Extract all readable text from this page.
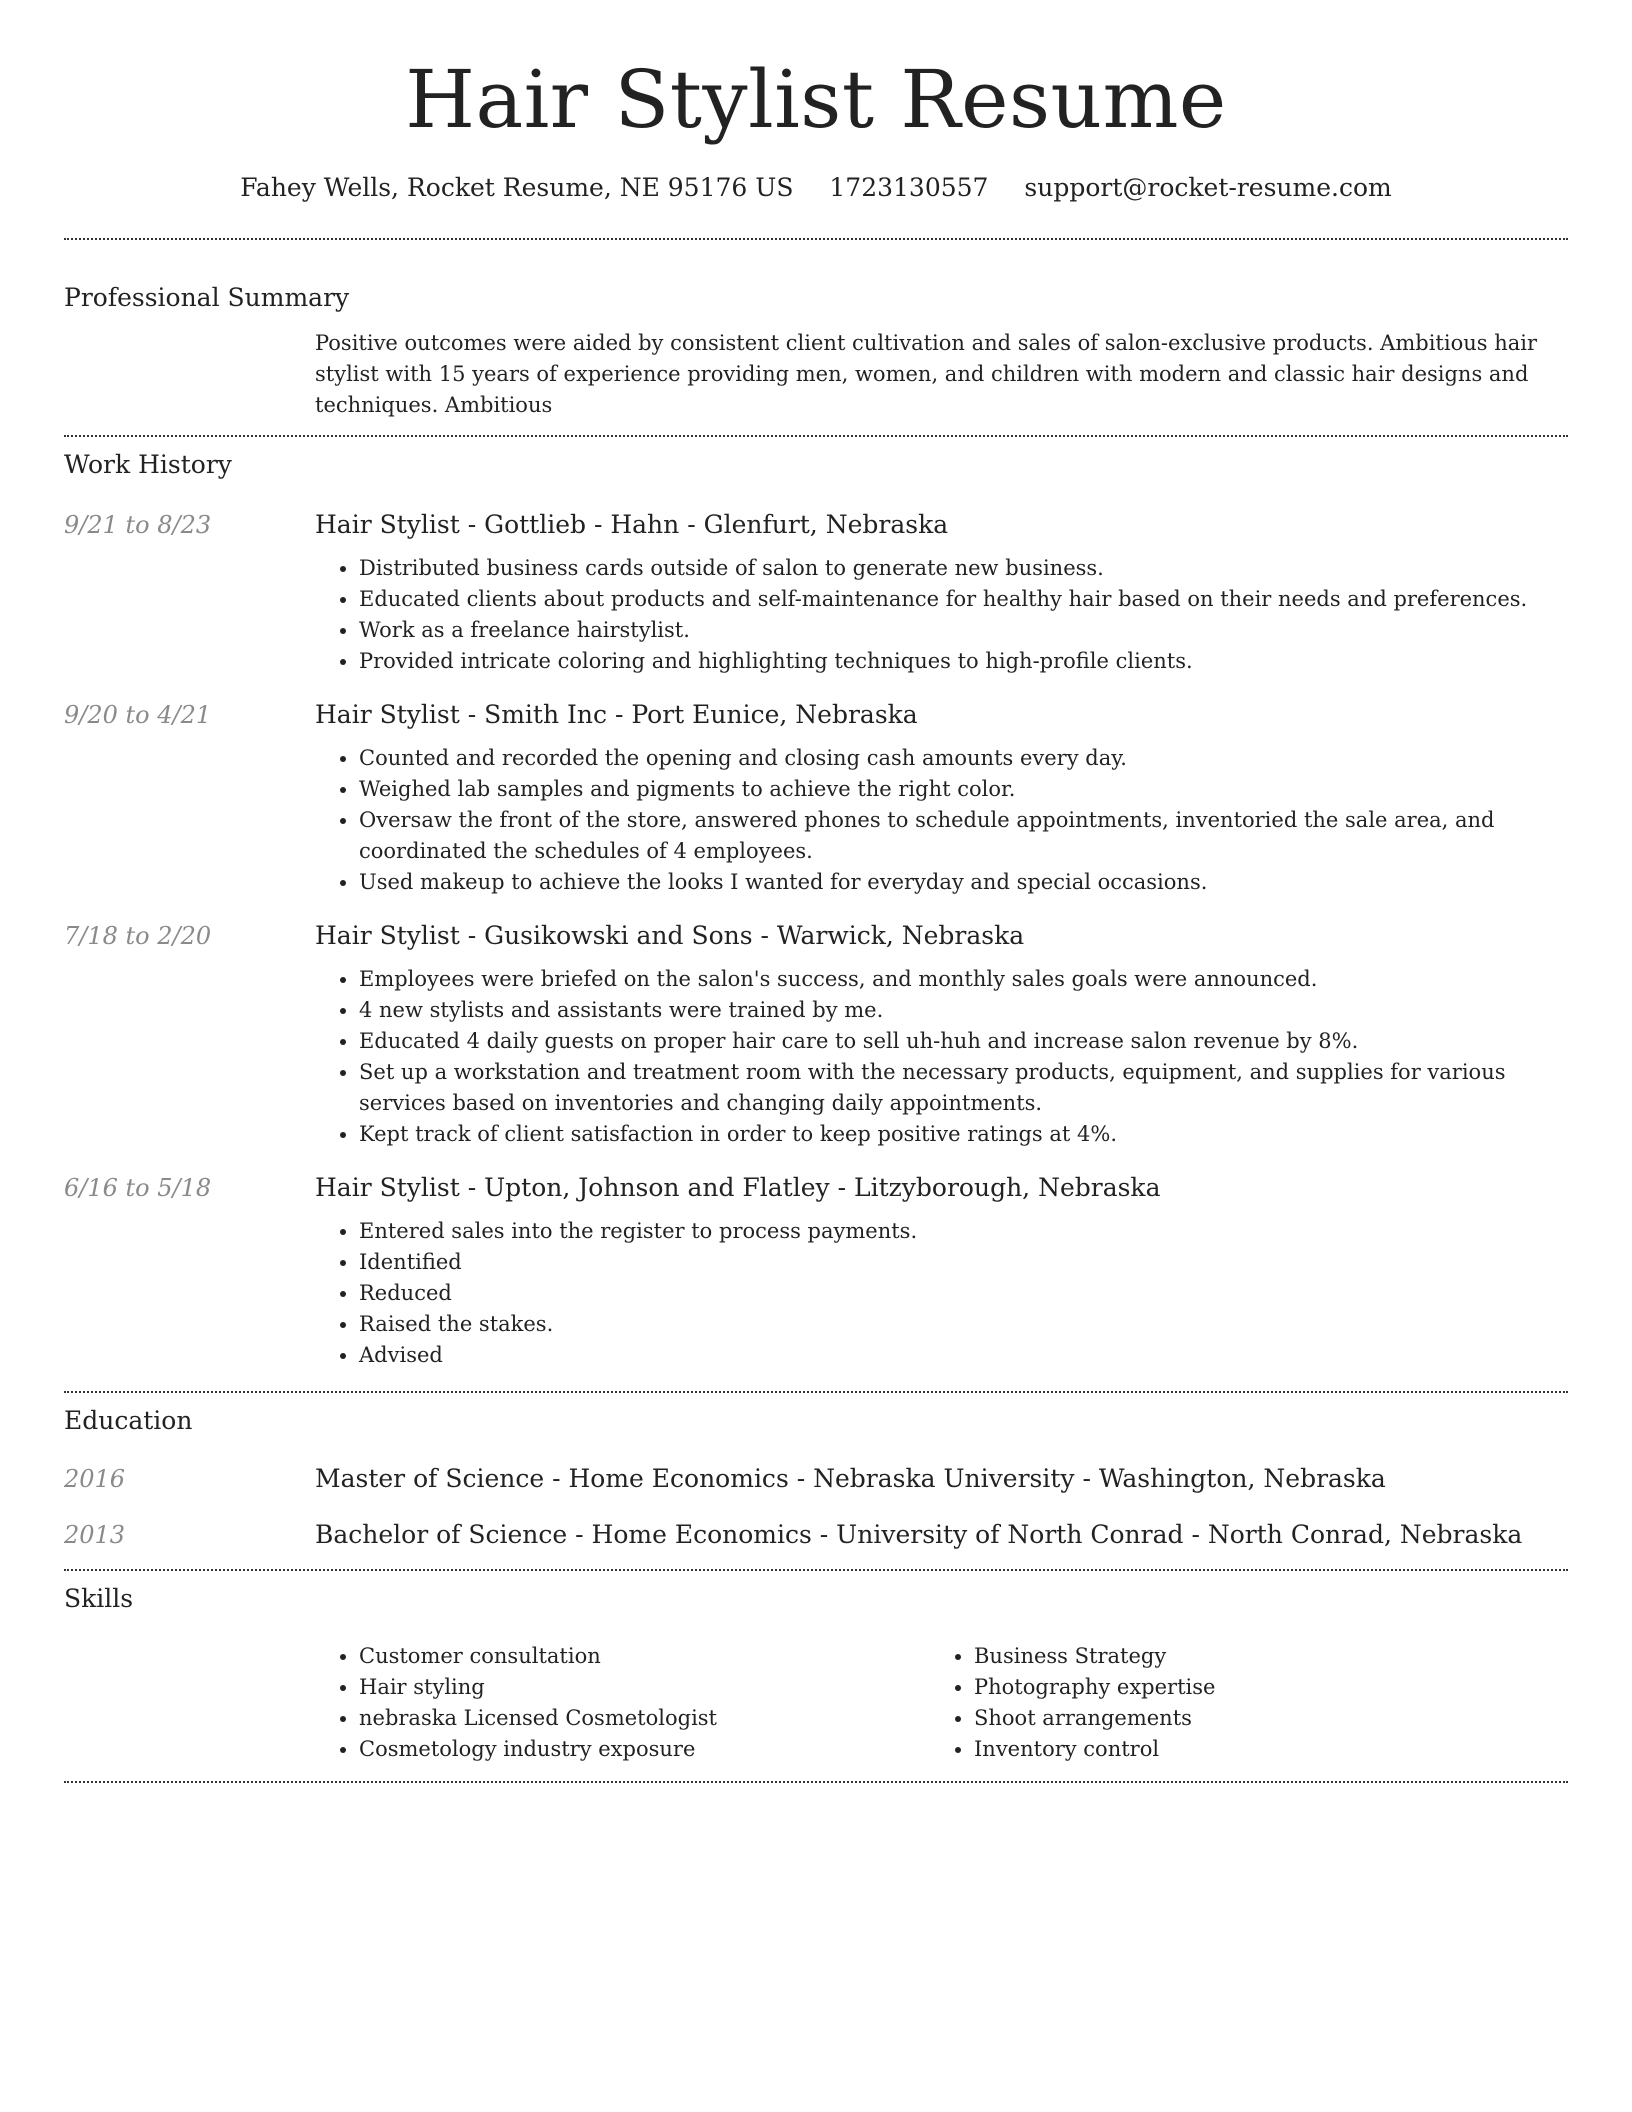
Hair Stylist Resume
Fahey Wells, Rocket Resume, NE 95176 US 1723130557 support@rocket-resume.com
Professional Summary
Positive outcomes were aided by consistent client cultivation and sales of salon-exclusive products. Ambitious hair stylist with 15 years of experience providing men, women, and children with modern and classic hair designs and techniques. Ambitious
Work History
9/21 to 8/23	Hair Stylist - Gottlieb - Hahn - Glenfurt, Nebraska
• Distributed business cards outside of salon to generate new business.
• Educated clients about products and self-maintenance for healthy hair based on their needs and preferences.
• Work as a freelance hairstylist.
• Provided intricate coloring and highlighting techniques to high-profile clients.
9/20 to 4/21	Hair Stylist - Smith Inc - Port Eunice, Nebraska
• Counted and recorded the opening and closing cash amounts every day.
• Weighed lab samples and pigments to achieve the right color.
• Oversaw the front of the store, answered phones to schedule appointments, inventoried the sale area, and coordinated the schedules of 4 employees.
• Used makeup to achieve the looks I wanted for everyday and special occasions.
7/18 to 2/20	Hair Stylist - Gusikowski and Sons - Warwick, Nebraska
• Employees were briefed on the salon's success, and monthly sales goals were announced.
• 4 new stylists and assistants were trained by me.
• Educated 4 daily guests on proper hair care to sell uh-huh and increase salon revenue by 8%.
• Set up a workstation and treatment room with the necessary products, equipment, and supplies for various services based on inventories and changing daily appointments.
• Kept track of client satisfaction in order to keep positive ratings at 4%.
6/16 to 5/18	Hair Stylist - Upton, Johnson and Flatley - Litzyborough, Nebraska
• Entered sales into the register to process payments.
• Identified
• Reduced
• Raised the stakes.
• Advised
Education
2016	Master of Science - Home Economics - Nebraska University - Washington, Nebraska
2013	Bachelor of Science - Home Economics - University of North Conrad - North Conrad, Nebraska
Skills
• Customer consultation
• Hair styling
• nebraska Licensed Cosmetologist
• Cosmetology industry exposure
• Business Strategy
• Photography expertise
• Shoot arrangements
• Inventory control
